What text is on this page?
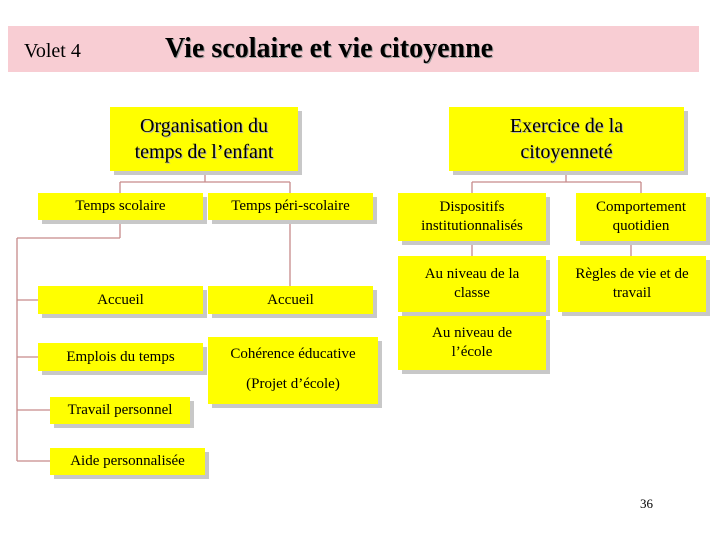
Volet 4	Vie scolaire et vie citoyenne
Organisation du
temps de l’enfant
Exercice de la
citoyenneté
Temps scolaire	Temps péri-scolaire
Accueil
Emplois du temps
Travail personnel
Aide personnalisée
Accueil
Cohérence éducative
(Projet d’école)
Dispositifs
institutionnalisés
Comportement
quotidien
Au niveau de la
classe
Au niveau de
l’école
Règles de vie et de
travail
36
